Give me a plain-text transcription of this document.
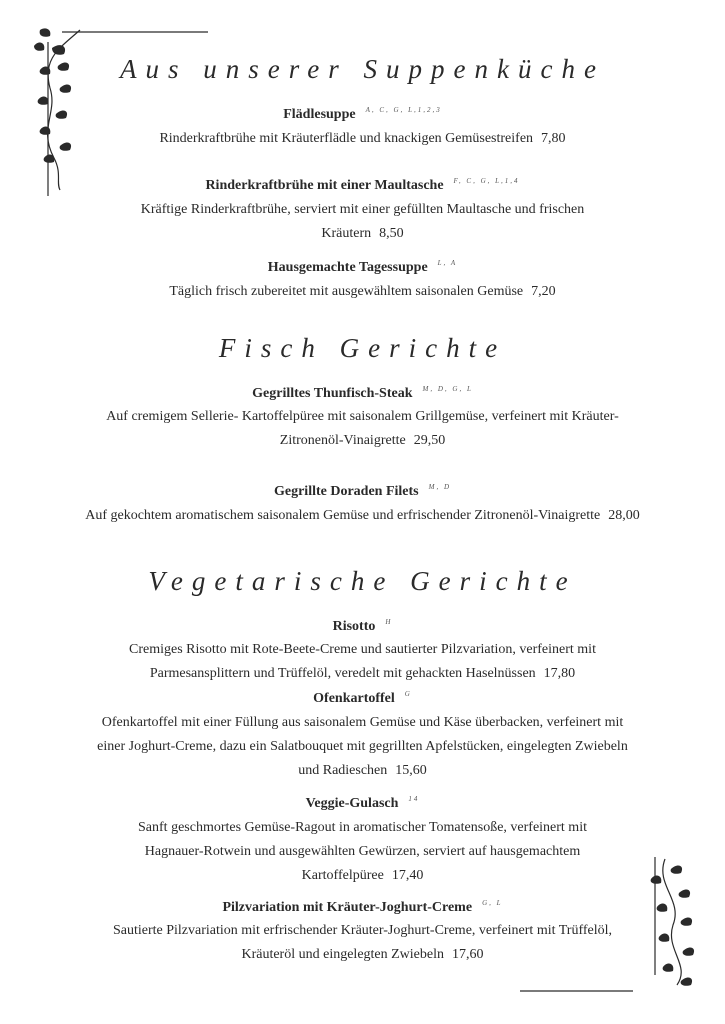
Aus unserer Suppenküche
Flädlesuppe $^{A, C, G, L,1,2,3}$
Rinderkraftbrühe mit Kräuterflädle und knackigen Gemüsestreifen 7,80
Rinderkraftbrühe mit einer Maultasche $^{F, C, G, L,1,4}$
Kräftige Rinderkraftbrühe, serviert mit einer gefüllten Maultasche und frischen
Kräutern 8,50
Hausgemachte Tagessuppe $^{L, A}$
Täglich frisch zubereitet mit ausgewähltem saisonalen Gemüse 7,20
Fisch Gerichte
Gegrilltes Thunfisch-Steak $^{M, D, G, L}$
Auf cremigem Sellerie- Kartoffelpüree mit saisonalem Grillgemüse, verfeinert mit Kräuter-
Zitronenöl-Vinaigrette 29,50
Gegrillte Doraden Filets $^{M, D}$
Auf gekochtem aromatischem saisonalem Gemüse und erfrischender Zitronenöl-Vinaigrette 28,00
Vegetarische Gerichte
Risotto $^H$
Cremiges Risotto mit Rote-Beete-Creme und sautierter Pilzvariation, verfeinert mit
Parmesansplittern und Trüffelöl, veredelt mit gehackten Haselnüssen 17,80
Ofenkartoffel $^G$
Ofenkartoffel mit einer Füllung aus saisonalem Gemüse und Käse überbacken, verfeinert mit
einer Joghurt-Creme, dazu ein Salatbouquet mit gegrillten Apfelstücken, eingelegten Zwiebeln
und Radieschen 15,60
Veggie-Gulasch $^{14}$
Sanft geschmortes Gemüse-Ragout in aromatischer Tomatensoße, verfeinert mit
Hagnauer-Rotwein und ausgewählten Gewürzen, serviert auf hausgemachtem
Kartoffelpüree 17,40
Pilzvariation mit Kräuter-Joghurt-Creme $^{G, L}$
Sautierte Pilzvariation mit erfrischender Kräuter-Joghurt-Creme, verfeinert mit Trüffelöl,
Kräuteröl und eingelegten Zwiebeln 17,60
